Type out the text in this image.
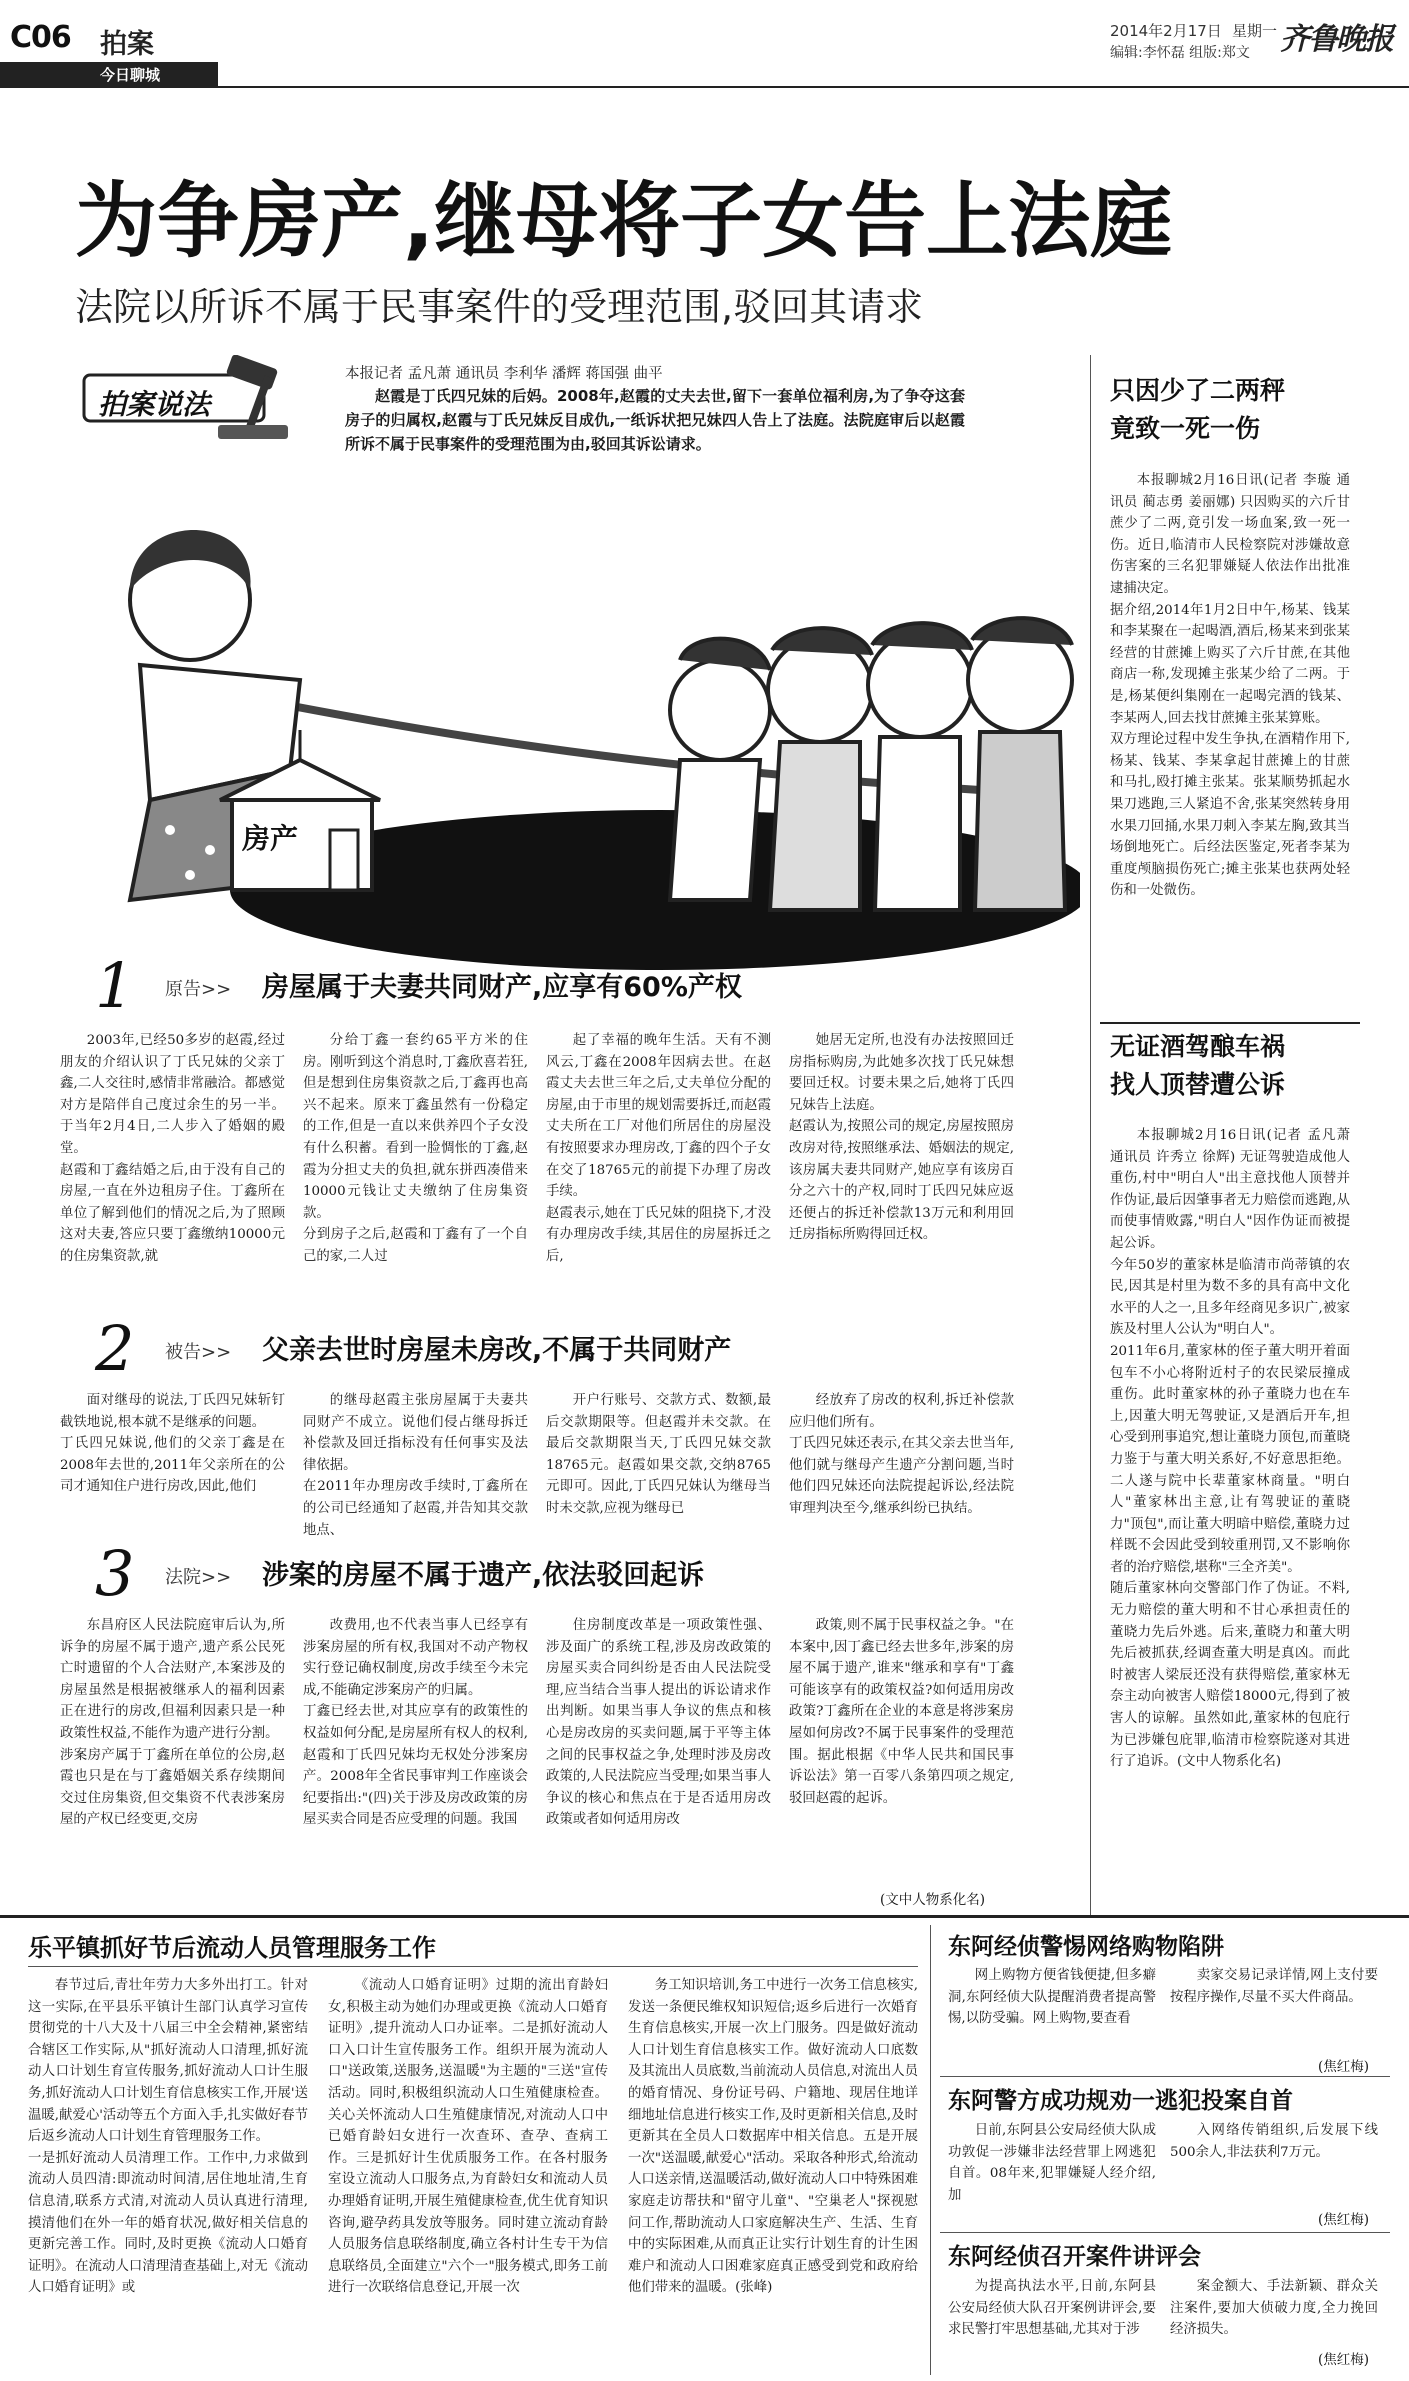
C06 拍案
今日聊城
2014年2月17日 星期一
编辑:李怀磊 组版:郑文 齐鲁晚报
为争房产,继母将子女告上法庭
法院以所诉不属于民事案件的受理范围,驳回其请求
拍案说法
本报记者 孟凡萧 通讯员 李利华 潘辉 蒋国强 曲平
赵霞是丁氏四兄妹的后妈。2008年,赵霞的丈夫去世,留下一套单位福利房,为了争夺这套房子的归属权,赵霞与丁氏兄妹反目成仇,一纸诉状把兄妹四人告上了法庭。法院庭审后以赵霞所诉不属于民事案件的受理范围为由,驳回其诉讼请求。
房产
1 原告>> 房屋属于夫妻共同财产,应享有60%产权
2003年,已经50多岁的赵霞,经过朋友的介绍认识了丁氏兄妹的父亲丁鑫,二人交往时,感情非常融洽。都感觉对方是陪伴自己度过余生的另一半。于当年2月4日,二人步入了婚姻的殿堂。
赵霞和丁鑫结婚之后,由于没有自己的房屋,一直在外边租房子住。丁鑫所在单位了解到他们的情况之后,为了照顾这对夫妻,答应只要丁鑫缴纳10000元的住房集资款,就
分给丁鑫一套约65平方米的住房。刚听到这个消息时,丁鑫欣喜若狂,但是想到住房集资款之后,丁鑫再也高兴不起来。原来丁鑫虽然有一份稳定的工作,但是一直以来供养四个子女没有什么积蓄。看到一脸惆怅的丁鑫,赵霞为分担丈夫的负担,就东拼西凑借来10000元钱让丈夫缴纳了住房集资款。
分到房子之后,赵霞和丁鑫有了一个自己的家,二人过
起了幸福的晚年生活。天有不测风云,丁鑫在2008年因病去世。在赵霞丈夫去世三年之后,丈夫单位分配的房屋,由于市里的规划需要拆迁,而赵霞丈夫所在工厂对他们所居住的房屋没有按照要求办理房改,丁鑫的四个子女在交了18765元的前提下办理了房改手续。
赵霞表示,她在丁氏兄妹的阻挠下,才没有办理房改手续,其居住的房屋拆迁之后,
她居无定所,也没有办法按照回迁房指标购房,为此她多次找丁氏兄妹想要回迁权。讨要未果之后,她将丁氏四兄妹告上法庭。
赵霞认为,按照公司的规定,房屋按照房改房对待,按照继承法、婚姻法的规定,该房属夫妻共同财产,她应享有该房百分之六十的产权,同时丁氏四兄妹应返还便占的拆迁补偿款13万元和利用回迁房指标所购得回迁权。
2 被告>> 父亲去世时房屋未房改,不属于共同财产
面对继母的说法,丁氏四兄妹斩钉截铁地说,根本就不是继承的问题。
丁氏四兄妹说,他们的父亲丁鑫是在2008年去世的,2011年父亲所在的公司才通知住户进行房改,因此,他们
的继母赵霞主张房屋属于夫妻共同财产不成立。说他们侵占继母拆迁补偿款及回迁指标没有任何事实及法律依据。
在2011年办理房改手续时,丁鑫所在的公司已经通知了赵霞,并告知其交款地点、
开户行账号、交款方式、数额,最后交款期限等。但赵霞并未交款。在最后交款期限当天,丁氏四兄妹交款18765元。赵霞如果交款,交纳8765元即可。因此,丁氏四兄妹认为继母当时未交款,应视为继母已
经放弃了房改的权利,拆迁补偿款应归他们所有。
丁氏四兄妹还表示,在其父亲去世当年,他们就与继母产生遗产分割问题,当时他们四兄妹还向法院提起诉讼,经法院审理判决至今,继承纠纷已执结。
3 法院>> 涉案的房屋不属于遗产,依法驳回起诉
东昌府区人民法院庭审后认为,所诉争的房屋不属于遗产,遗产系公民死亡时遗留的个人合法财产,本案涉及的房屋虽然是根据被继承人的福利因素正在进行的房改,但福利因素只是一种政策性权益,不能作为遗产进行分割。
涉案房产属于丁鑫所在单位的公房,赵霞也只是在与丁鑫婚姻关系存续期间交过住房集资,但交集资不代表涉案房屋的产权已经变更,交房
改费用,也不代表当事人已经享有涉案房屋的所有权,我国对不动产物权实行登记确权制度,房改手续至今未完成,不能确定涉案房产的归属。
丁鑫已经去世,对其应享有的政策性的权益如何分配,是房屋所有权人的权利,赵霞和丁氏四兄妹均无权处分涉案房产。2008年全省民事审判工作座谈会纪要指出:"(四)关于涉及房改政策的房屋买卖合同是否应受理的问题。我国
住房制度改革是一项政策性强、涉及面广的系统工程,涉及房改政策的房屋买卖合同纠纷是否由人民法院受理,应当结合当事人提出的诉讼请求作出判断。如果当事人争议的焦点和核心是房改房的买卖问题,属于平等主体之间的民事权益之争,处理时涉及房改政策的,人民法院应当受理;如果当事人争议的核心和焦点在于是否适用房改政策或者如何适用房改
政策,则不属于民事权益之争。"在本案中,因丁鑫已经去世多年,涉案的房屋不属于遗产,谁来"继承和享有"丁鑫可能该享有的政策权益?如何适用房改政策?丁鑫所在企业的本意是将涉案房屋如何房改?不属于民事案件的受理范围。据此根据《中华人民共和国民事诉讼法》第一百零八条第四项之规定,驳回赵霞的起诉。
(文中人物系化名)
只因少了二两秤
竟致一死一伤
本报聊城2月16日讯(记者 李璇 通讯员 蔺志勇 姜丽娜) 只因购买的六斤甘蔗少了二两,竟引发一场血案,致一死一伤。近日,临清市人民检察院对涉嫌故意伤害案的三名犯罪嫌疑人依法作出批准逮捕决定。
据介绍,2014年1月2日中午,杨某、钱某和李某聚在一起喝酒,酒后,杨某来到张某经营的甘蔗摊上购买了六斤甘蔗,在其他商店一称,发现摊主张某少给了二两。于是,杨某便纠集刚在一起喝完酒的钱某、李某两人,回去找甘蔗摊主张某算账。
双方理论过程中发生争执,在酒精作用下,杨某、钱某、李某拿起甘蔗摊上的甘蔗和马扎,殴打摊主张某。张某顺势抓起水果刀逃跑,三人紧追不舍,张某突然转身用水果刀回捅,水果刀刺入李某左胸,致其当场倒地死亡。后经法医鉴定,死者李某为重度颅脑损伤死亡;摊主张某也获两处轻伤和一处微伤。
无证酒驾酿车祸
找人顶替遭公诉
本报聊城2月16日讯(记者 孟凡萧 通讯员 许秀立 徐辉) 无证驾驶造成他人重伤,村中"明白人"出主意找他人顶替并作伪证,最后因肇事者无力赔偿而逃跑,从而使事情败露,"明白人"因作伪证而被提起公诉。
今年50岁的董家林是临清市尚蒂镇的农民,因其是村里为数不多的具有高中文化水平的人之一,且多年经商见多识广,被家族及村里人公认为"明白人"。
2011年6月,董家林的侄子董大明开着面包车不小心将附近村子的农民梁辰撞成重伤。此时董家林的孙子董晓力也在车上,因董大明无驾驶证,又是酒后开车,担心受到刑事追究,想让董晓力顶包,而董晓力鉴于与董大明关系好,不好意思拒绝。二人遂与院中长辈董家林商量。"明白人"董家林出主意,让有驾驶证的董晓力"顶包",而让董大明暗中赔偿,董晓力过样既不会因此受到较重刑罚,又不影响你者的治疗赔偿,堪称"三全齐美"。
随后董家林向交警部门作了伪证。不料,无力赔偿的董大明和不甘心承担责任的董晓力先后外逃。后来,董晓力和董大明先后被抓获,经调查董大明是真凶。而此时被害人梁辰还没有获得赔偿,董家林无奈主动向被害人赔偿18000元,得到了被害人的谅解。虽然如此,董家林的包庇行为已涉嫌包庇罪,临清市检察院遂对其进行了追诉。(文中人物系化名)
乐平镇抓好节后流动人员管理服务工作
春节过后,青壮年劳力大多外出打工。针对这一实际,在平县乐平镇计生部门认真学习宣传贯彻党的十八大及十八届三中全会精神,紧密结合辖区工作实际,从"抓好流动人口清理,抓好流动人口计划生育宣传服务,抓好流动人口计生服务,抓好流动人口计划生育信息核实工作,开展'送温暖,献爱心'活动等五个方面入手,扎实做好春节后返乡流动人口计划生育管理服务工作。
一是抓好流动人员清理工作。工作中,力求做到流动人员四清:即流动时间清,居住地址清,生育信息清,联系方式清,对流动人员认真进行清理,摸清他们在外一年的婚育状况,做好相关信息的更新完善工作。同时,及时更换《流动人口婚育证明》。在流动人口清理清查基础上,对无《流动人口婚育证明》或
《流动人口婚育证明》过期的流出育龄妇女,积极主动为她们办理或更换《流动人口婚育证明》,提升流动人口办证率。二是抓好流动人口入口计生宣传服务工作。组织开展为流动人口"送政策,送服务,送温暖"为主题的"三送"宣传活动。同时,积极组织流动人口生殖健康检查。关心关怀流动人口生殖健康情况,对流动人口中已婚育龄妇女进行一次查环、查孕、查病工作。三是抓好计生优质服务工作。在各村服务室设立流动人口服务点,为育龄妇女和流动人员办理婚育证明,开展生殖健康检查,优生优育知识咨询,避孕药具发放等服务。同时建立流动育龄人员服务信息联络制度,确立各村计生专干为信息联络员,全面建立"六个一"服务模式,即务工前进行一次联络信息登记,开展一次
务工知识培训,务工中进行一次务工信息核实,发送一条便民维权知识短信;返乡后进行一次婚育生育信息核实,开展一次上门服务。四是做好流动人口计划生育信息核实工作。做好流动人口底数及其流出人员底数,当前流动人员信息,对流出人员的婚育情况、身份证号码、户籍地、现居住地详细地址信息进行核实工作,及时更新相关信息,及时更新其在全员人口数据库中相关信息。五是开展一次"送温暖,献爱心"活动。采取各种形式,给流动人口送亲情,送温暖活动,做好流动人口中特殊困难家庭走访帮扶和"留守儿童"、"空巢老人"探视慰问工作,帮助流动人口家庭解决生产、生活、生育中的实际困难,从而真正让实行计划生育的计生困难户和流动人口困难家庭真正感受到党和政府给他们带来的温暖。(张峰)
东阿经侦警惕网络购物陷阱
网上购物方便省钱便捷,但多癖洞,东阿经侦大队提醒消费者提高警惕,以防受骗。网上购物,要查看
卖家交易记录详情,网上支付要按程序操作,尽量不买大件商品。
(焦红梅)
东阿警方成功规劝一逃犯投案自首
日前,东阿县公安局经侦大队成功敦促一涉嫌非法经营罪上网逃犯自首。08年来,犯罪嫌疑人经介绍,加
入网络传销组织,后发展下线500余人,非法获利7万元。
(焦红梅)
东阿经侦召开案件讲评会
为提高执法水平,日前,东阿县公安局经侦大队召开案例讲评会,要求民警打牢思想基础,尤其对于涉
案金额大、手法新颖、群众关注案件,要加大侦破力度,全力挽回经济损失。
(焦红梅)
